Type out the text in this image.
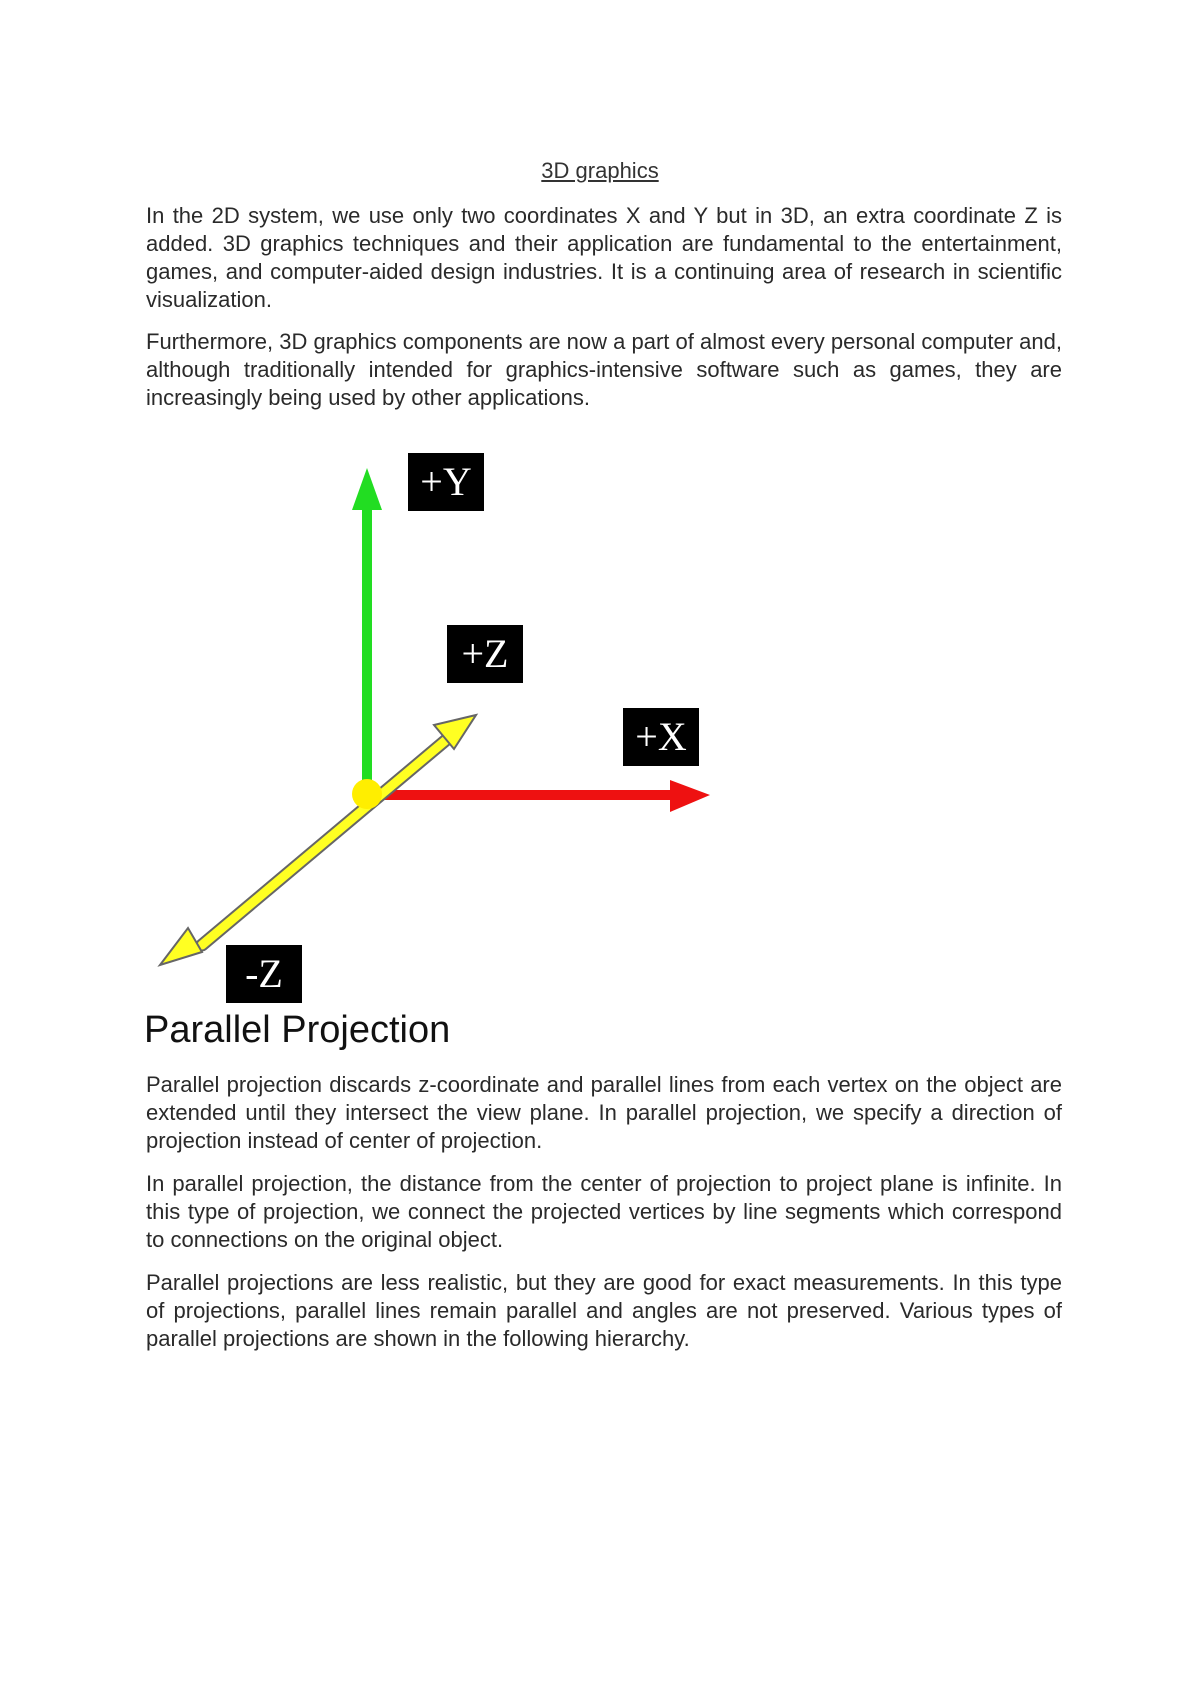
3D graphics

In the 2D system, we use only two coordinates X and Y but in 3D, an extra coordinate Z is added. 3D graphics techniques and their application are fundamental to the entertainment, games, and computer-aided design industries. It is a continuing area of research in scientific visualization.

Furthermore, 3D graphics components are now a part of almost every personal computer and, although traditionally intended for graphics-intensive software such as games, they are increasingly being used by other applications.

+Y
+Z
+X
-Z
Parallel Projection

Parallel projection discards z-coordinate and parallel lines from each vertex on the object are extended until they intersect the view plane. In parallel projection, we specify a direction of projection instead of center of projection.

In parallel projection, the distance from the center of projection to project plane is infinite. In this type of projection, we connect the projected vertices by line segments which correspond to connections on the original object.

Parallel projections are less realistic, but they are good for exact measurements. In this type of projections, parallel lines remain parallel and angles are not preserved. Various types of parallel projections are shown in the following hierarchy.
